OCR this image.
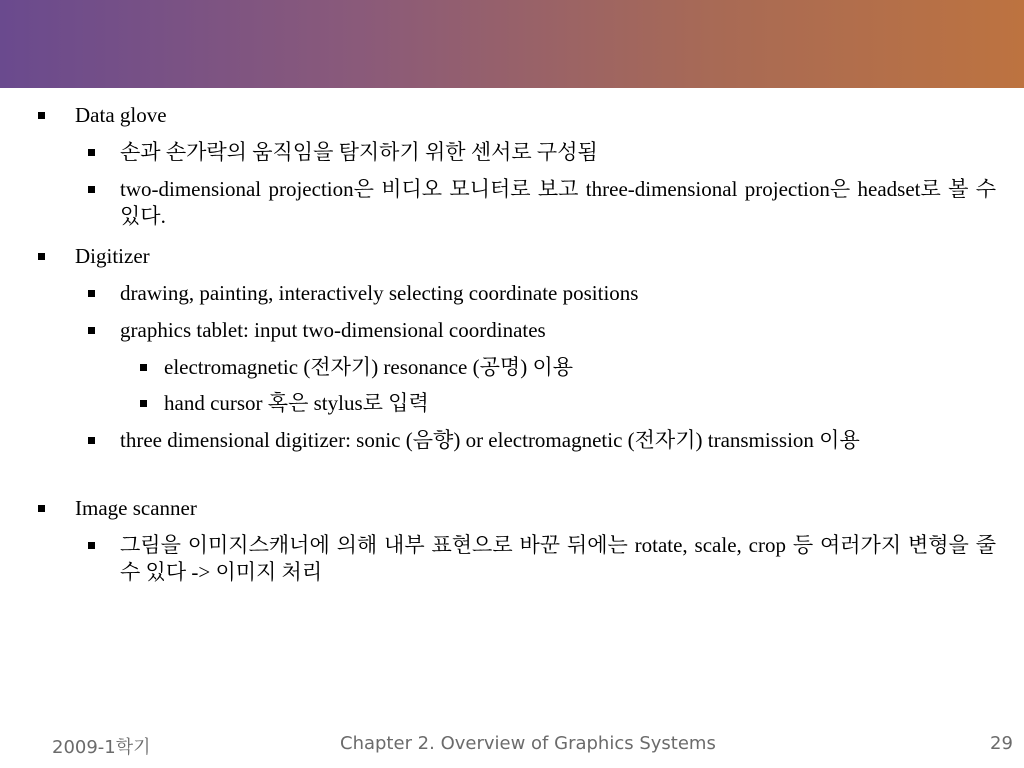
Data glove
손과 손가락의 움직임을 탐지하기 위한 센서로 구성됨
two-dimensional projection은 비디오 모니터로 보고 three-dimensional projection은 headset로 볼 수 있다.
Digitizer
drawing, painting, interactively selecting coordinate positions
graphics tablet: input two-dimensional coordinates
electromagnetic (전자기) resonance (공명) 이용
hand cursor 혹은 stylus로 입력
three dimensional digitizer: sonic (음향) or electromagnetic (전자기) transmission 이용
Image scanner
그림을 이미지스캐너에 의해 내부 표현으로 바꾼 뒤에는 rotate, scale, crop 등 여러가지 변형을 줄 수 있다 -> 이미지 처리
2009-1학기	Chapter 2. Overview of Graphics Systems	29
